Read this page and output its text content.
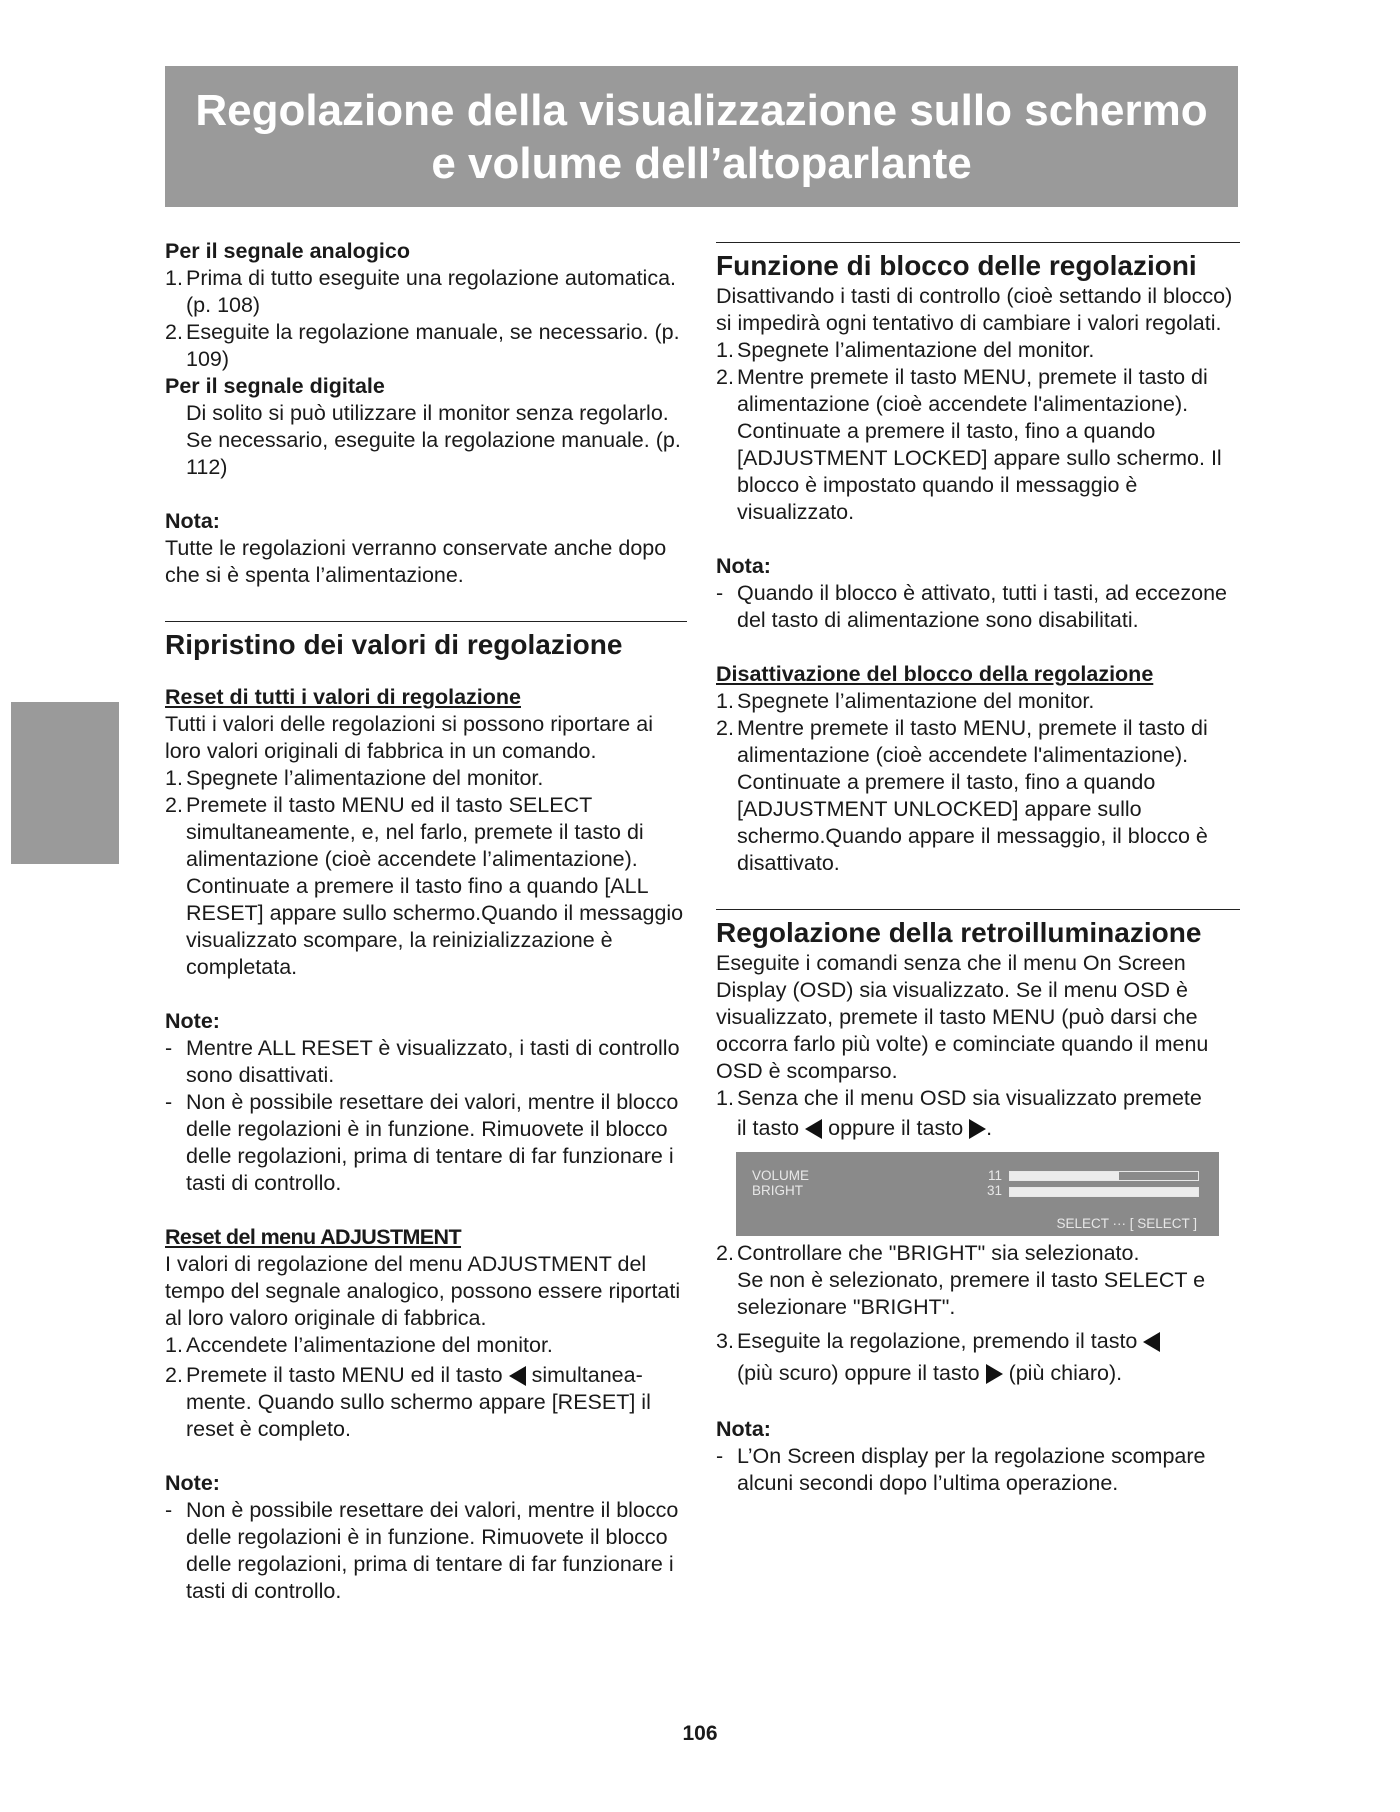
Regolazione della visualizzazione sullo schermo
e volume dell’altoparlante

Per il segnale analogico

1. Prima di tutto eseguite una regolazione automatica. (p. 108)
2. Eseguite la regolazione manuale, se necessario. (p. 109)

Per il segnale digitale

Di solito si può utilizzare il monitor senza regolarlo. Se necessario, eseguite la regolazione manuale. (p. 112)

Nota:

Tutte le regolazioni verranno conservate anche dopo che si è spenta l’alimentazione.

Ripristino dei valori di regolazione

Reset di tutti i valori di regolazione

Tutti i valori delle regolazioni si possono riportare ai loro valori originali di fabbrica in un comando.

1. Spegnete l’alimentazione del monitor.
2. Premete il tasto MENU ed il tasto SELECT simultaneamente, e, nel farlo, premete il tasto di alimentazione (cioè accendete l’alimentazione). Continuate a premere il tasto fino a quando [ALL RESET] appare sullo schermo.Quando il messaggio visualizzato scompare, la reinizializzazione è completata.

Note:

- Mentre ALL RESET è visualizzato, i tasti di controllo sono disattivati.
- Non è possibile resettare dei valori, mentre il blocco delle regolazioni è in funzione. Rimuovete il blocco delle regolazioni, prima di tentare di far funzionare i tasti di controllo.

Reset del menu ADJUSTMENT

I valori di regolazione del menu ADJUSTMENT del tempo del segnale analogico, possono essere riportati al loro valoro originale di fabbrica.

1. Accendete l’alimentazione del monitor.
2. Premete il tasto MENU ed il tasto simultanea-
mente. Quando sullo schermo appare [RESET] il reset è completo.

Note:

- Non è possibile resettare dei valori, mentre il blocco delle regolazioni è in funzione. Rimuovete il blocco delle regolazioni, prima di tentare di far funzionare i tasti di controllo.

Funzione di blocco delle regolazioni

Disattivando i tasti di controllo (cioè settando il blocco) si impedirà ogni tentativo di cambiare i valori regolati.

1. Spegnete l’alimentazione del monitor.
2. Mentre premete il tasto MENU, premete il tasto di alimentazione (cioè accendete l'alimentazione). Continuate a premere il tasto, fino a quando [ADJUSTMENT LOCKED] appare sullo schermo. Il blocco è impostato quando il messaggio è visualizzato.

Nota:

- Quando il blocco è attivato, tutti i tasti, ad eccezone del tasto di alimentazione sono disabilitati.

Disattivazione del blocco della regolazione

1. Spegnete l’alimentazione del monitor.
2. Mentre premete il tasto MENU, premete il tasto di alimentazione (cioè accendete l'alimentazione). Continuate a premere il tasto, fino a quando [ADJUSTMENT UNLOCKED] appare sullo schermo.Quando appare il messaggio, il blocco è disattivato.

Regolazione della retroilluminazione

Eseguite i comandi senza che il menu On Screen Display (OSD) sia visualizzato. Se il menu OSD è visualizzato, premete il tasto MENU (può darsi che occorra farlo più volte) e cominciate quando il menu OSD è scomparso.

1. Senza che il menu OSD sia visualizzato premete
il tasto oppure il tasto .
VOLUME	11
BRIGHT	31
SELECT ··· [ SELECT ]
2. Controllare che "BRIGHT" sia selezionato.
Se non è selezionato, premere il tasto SELECT e selezionare "BRIGHT".
3. Eseguite la regolazione, premendo il tasto
(più scuro) oppure il tasto (più chiaro).

Nota:

- L’On Screen display per la regolazione scompare alcuni secondi dopo l’ultima operazione.
106
